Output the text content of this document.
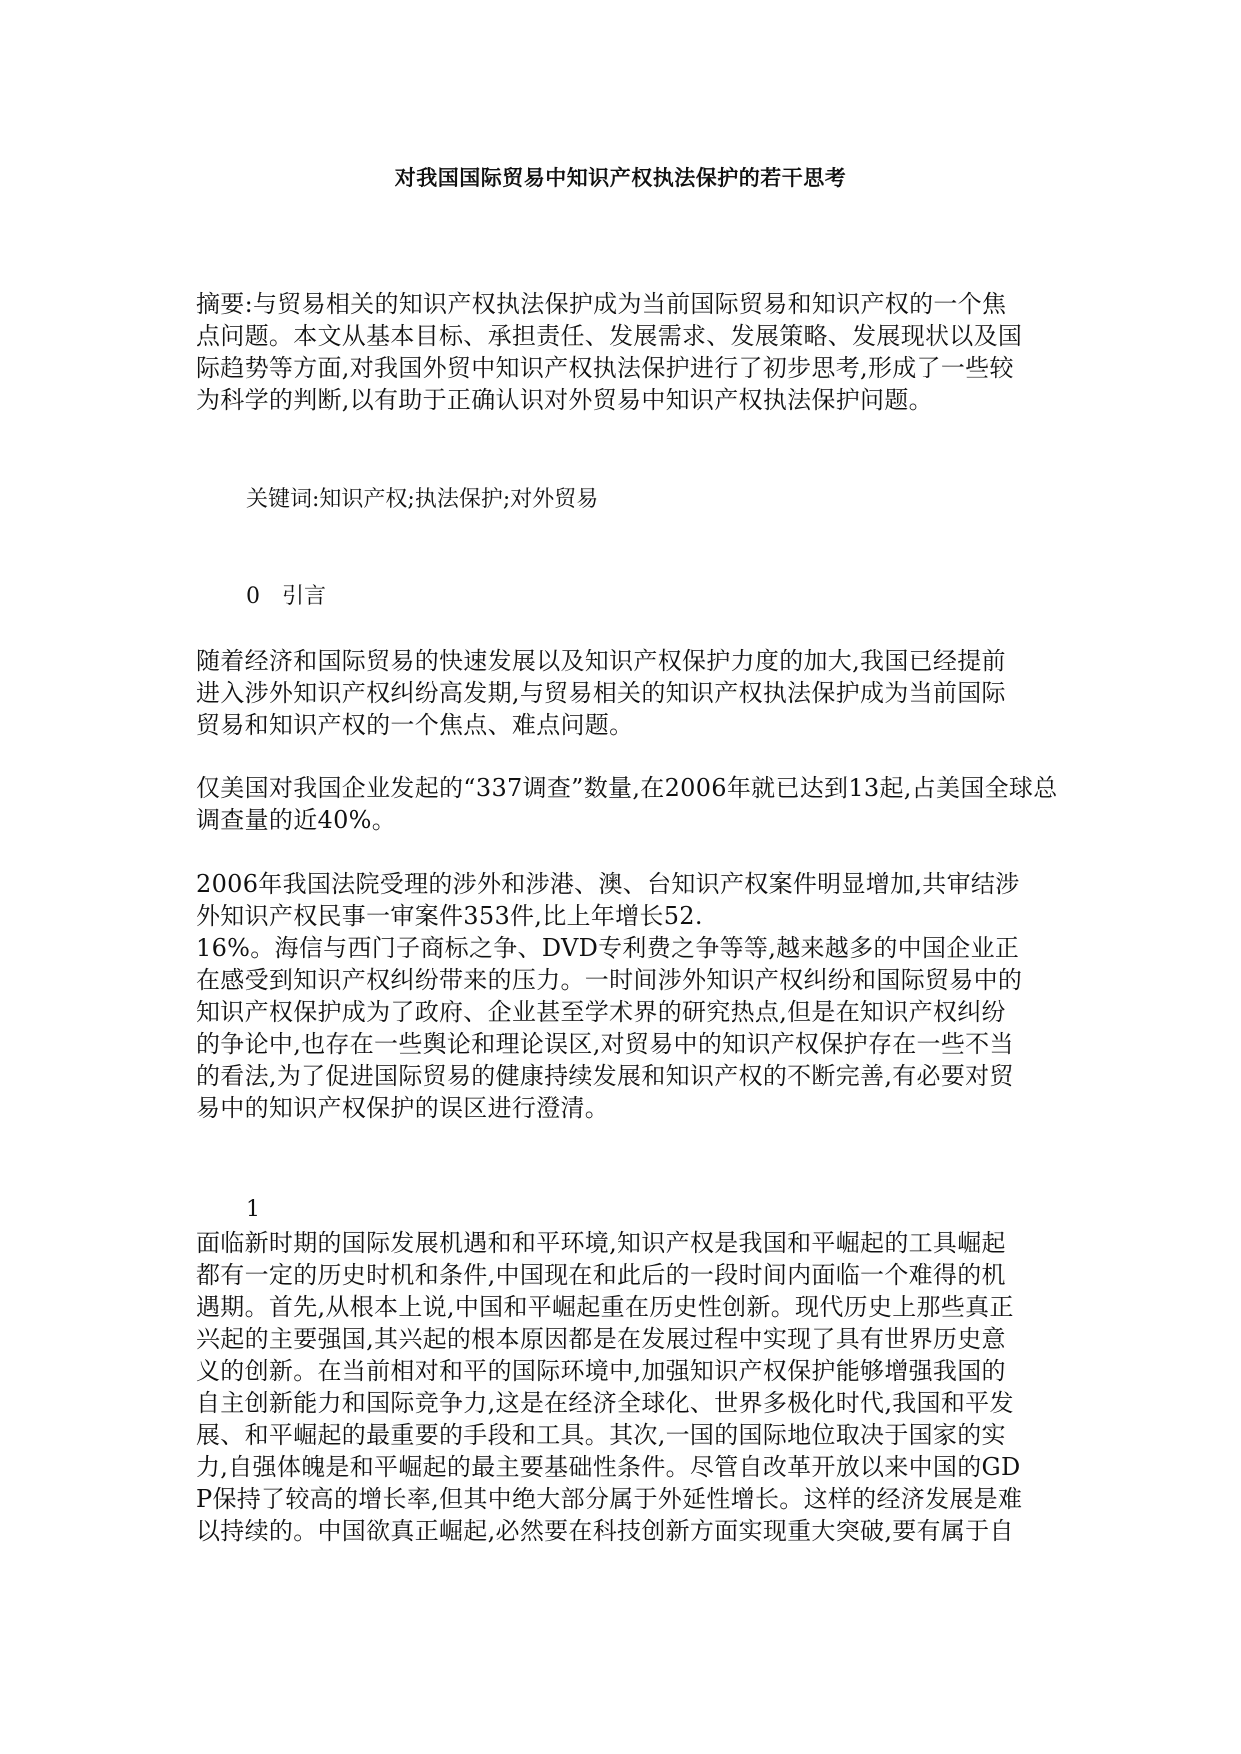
对我国国际贸易中知识产权执法保护的若干思考
摘要:与贸易相关的知识产权执法保护成为当前国际贸易和知识产权的一个焦
点问题。本文从基本目标、承担责任、发展需求、发展策略、发展现状以及国
际趋势等方面,对我国外贸中知识产权执法保护进行了初步思考,形成了一些较
为科学的判断,以有助于正确认识对外贸易中知识产权执法保护问题。
关键词:知识产权;执法保护;对外贸易
0 引言
随着经济和国际贸易的快速发展以及知识产权保护力度的加大,我国已经提前
进入涉外知识产权纠纷高发期,与贸易相关的知识产权执法保护成为当前国际
贸易和知识产权的一个焦点、难点问题。
仅美国对我国企业发起的“337调查”数量,在2006年就已达到13起,占美国全球总
调查量的近40%。
2006年我国法院受理的涉外和涉港、澳、台知识产权案件明显增加,共审结涉
外知识产权民事一审案件353件,比上年增长52.
16%。海信与西门子商标之争、DVD专利费之争等等,越来越多的中国企业正
在感受到知识产权纠纷带来的压力。一时间涉外知识产权纠纷和国际贸易中的
知识产权保护成为了政府、企业甚至学术界的研究热点,但是在知识产权纠纷
的争论中,也存在一些舆论和理论误区,对贸易中的知识产权保护存在一些不当
的看法,为了促进国际贸易的健康持续发展和知识产权的不断完善,有必要对贸
易中的知识产权保护的误区进行澄清。
1
面临新时期的国际发展机遇和和平环境,知识产权是我国和平崛起的工具崛起
都有一定的历史时机和条件,中国现在和此后的一段时间内面临一个难得的机
遇期。首先,从根本上说,中国和平崛起重在历史性创新。现代历史上那些真正
兴起的主要强国,其兴起的根本原因都是在发展过程中实现了具有世界历史意
义的创新。在当前相对和平的国际环境中,加强知识产权保护能够增强我国的
自主创新能力和国际竞争力,这是在经济全球化、世界多极化时代,我国和平发
展、和平崛起的最重要的手段和工具。其次,一国的国际地位取决于国家的实
力,自强体魄是和平崛起的最主要基础性条件。尽管自改革开放以来中国的GD
P保持了较高的增长率,但其中绝大部分属于外延性增长。这样的经济发展是难
以持续的。中国欲真正崛起,必然要在科技创新方面实现重大突破,要有属于自
